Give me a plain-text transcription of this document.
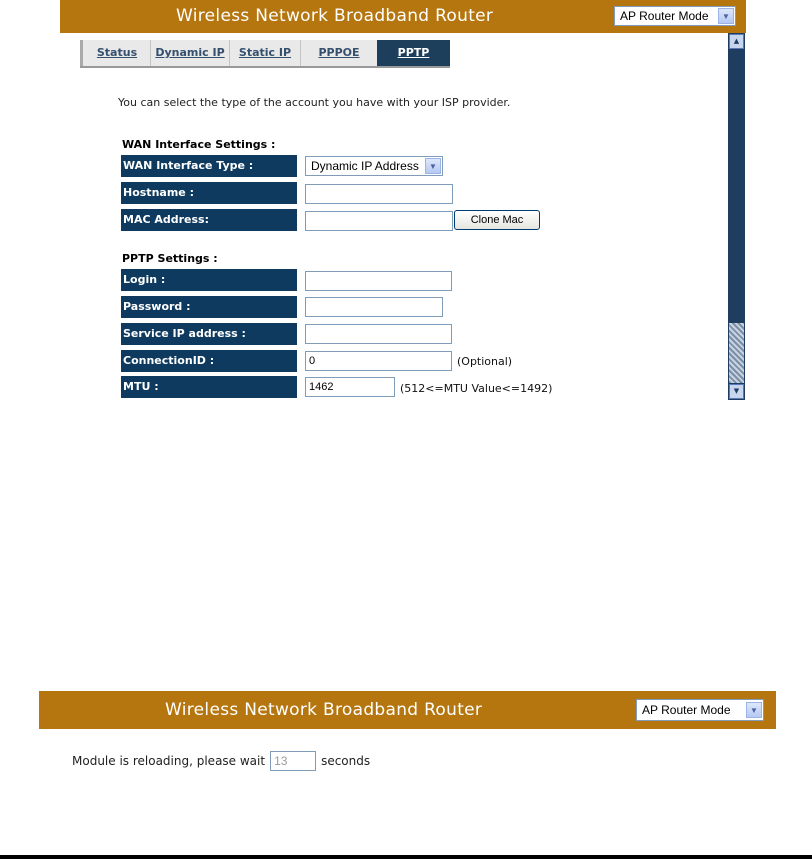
Wireless Network Broadband Router	AP Router Mode	▼
Status	Dynamic IP	Static IP	PPPOE	PPTP
You can select the type of the account you have with your ISP provider.
WAN Interface Settings :
WAN Interface Type :	Dynamic IP Address	▼
Hostname :
MAC Address:	Clone Mac
PPTP Settings :
Login :
Password :
Service IP address :
ConnectionID :	0	(Optional)
MTU :	1462	(512<=MTU Value<=1492)
▲
▼
Wireless Network Broadband Router	AP Router Mode	▼
Module is reloading, please wait 13	seconds
